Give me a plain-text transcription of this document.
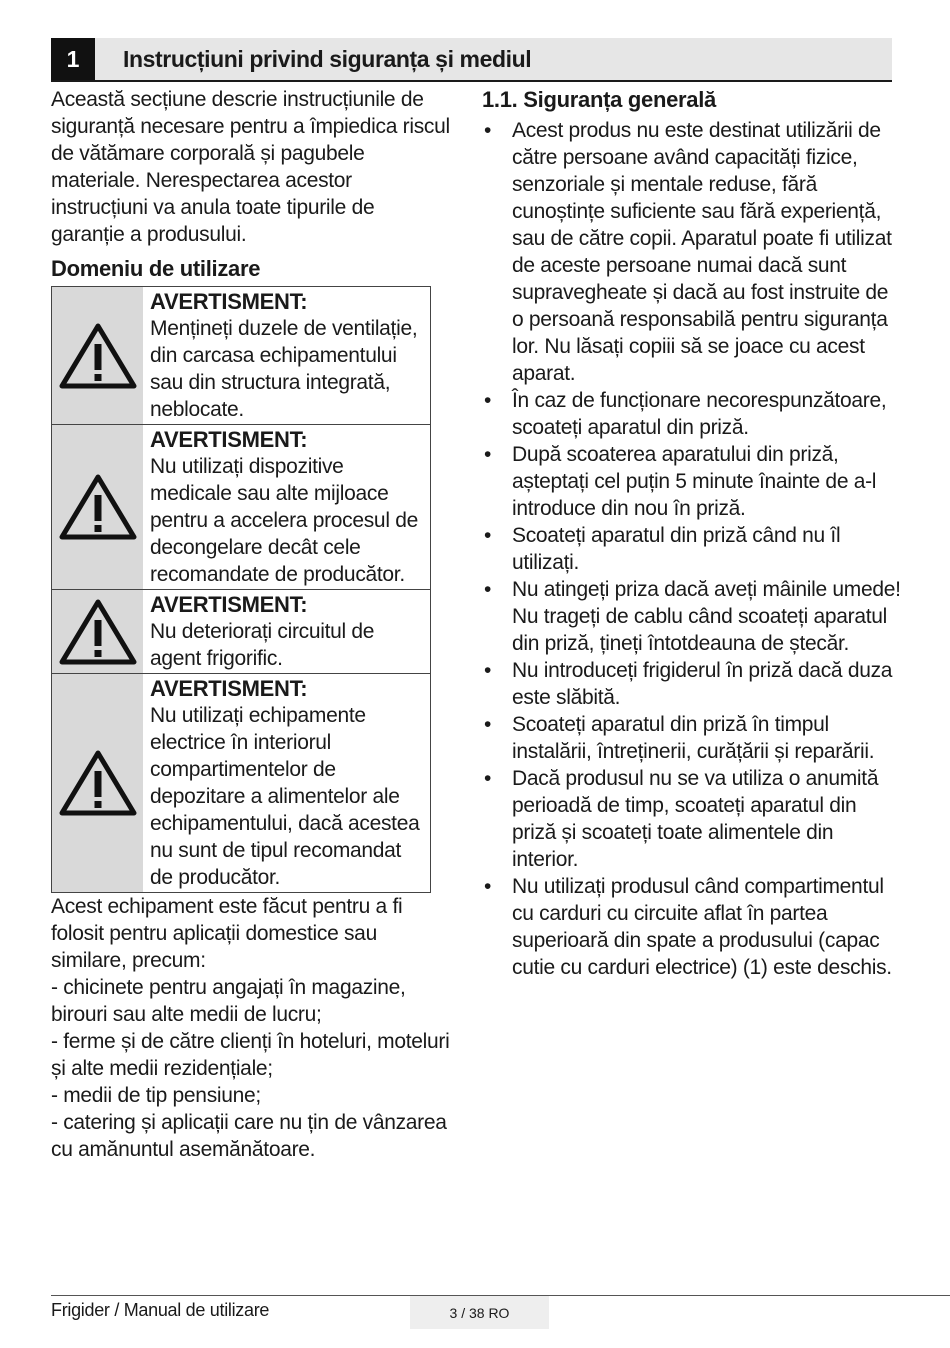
1	Instrucțiuni privind siguranța și mediul

Această secțiune descrie instrucțiunile de siguranță necesare pentru a împiedica riscul de vătămare corporală și pagubele materiale. Nerespectarea acestor instrucțiuni va anula toate tipurile de garanție a produsului.

Domeniu de utilizare
AVERTISMENT:
Mențineți duzele de ventilație, din carcasa echipamentului sau din structura integrată, neblocate.
AVERTISMENT:
Nu utilizați dispozitive medicale sau alte mijloace pentru a accelera procesul de decongelare decât cele recomandate de producător.
AVERTISMENT:
Nu deteriorați circuitul de agent frigorific.
AVERTISMENT:
Nu utilizați echipamente electrice în interiorul compartimentelor de depozitare a alimentelor ale echipamentului, dacă acestea nu sunt de tipul recomandat de producător.

Acest echipament este făcut pentru a fi folosit pentru aplicații domestice sau similare, precum:

- chicinete pentru angajați în magazine, birouri sau alte medii de lucru;

- ferme și de către clienți în hoteluri, moteluri și alte medii rezidențiale;

- medii de tip pensiune;

- catering și aplicații care nu țin de vânzarea cu amănuntul asemănătoare.

1.1. Siguranța generală
• Acest produs nu este destinat utilizării de către persoane având capacități fizice, senzoriale și mentale reduse, fără cunoștințe suficiente sau fără experiență, sau de către copii. Aparatul poate fi utilizat de aceste persoane numai dacă sunt supravegheate și dacă au fost instruite de o persoană responsabilă pentru siguranța lor. Nu lăsați copiii să se joace cu acest aparat.
• În caz de funcționare necorespunzătoare, scoateți aparatul din priză.
• După scoaterea aparatului din priză, așteptați cel puțin 5 minute înainte de a-l introduce din nou în priză.
• Scoateți aparatul din priză când nu îl utilizați.
• Nu atingeți priza dacă aveți mâinile umede! Nu trageți de cablu când scoateți aparatul din priză, țineți întotdeauna de ștecăr.
• Nu introduceți frigiderul în priză dacă duza este slăbită.
• Scoateți aparatul din priză în timpul instalării, întreținerii, curățării și reparării.
• Dacă produsul nu se va utiliza o anumită perioadă de timp, scoateți aparatul din priză și scoateți toate alimentele din interior.
• Nu utilizați produsul când compartimentul cu carduri cu circuite aflat în partea superioară din spate a produsului (capac cutie cu carduri electrice) (1) este deschis.
Frigider / Manual de utilizare	3 / 38 RO
